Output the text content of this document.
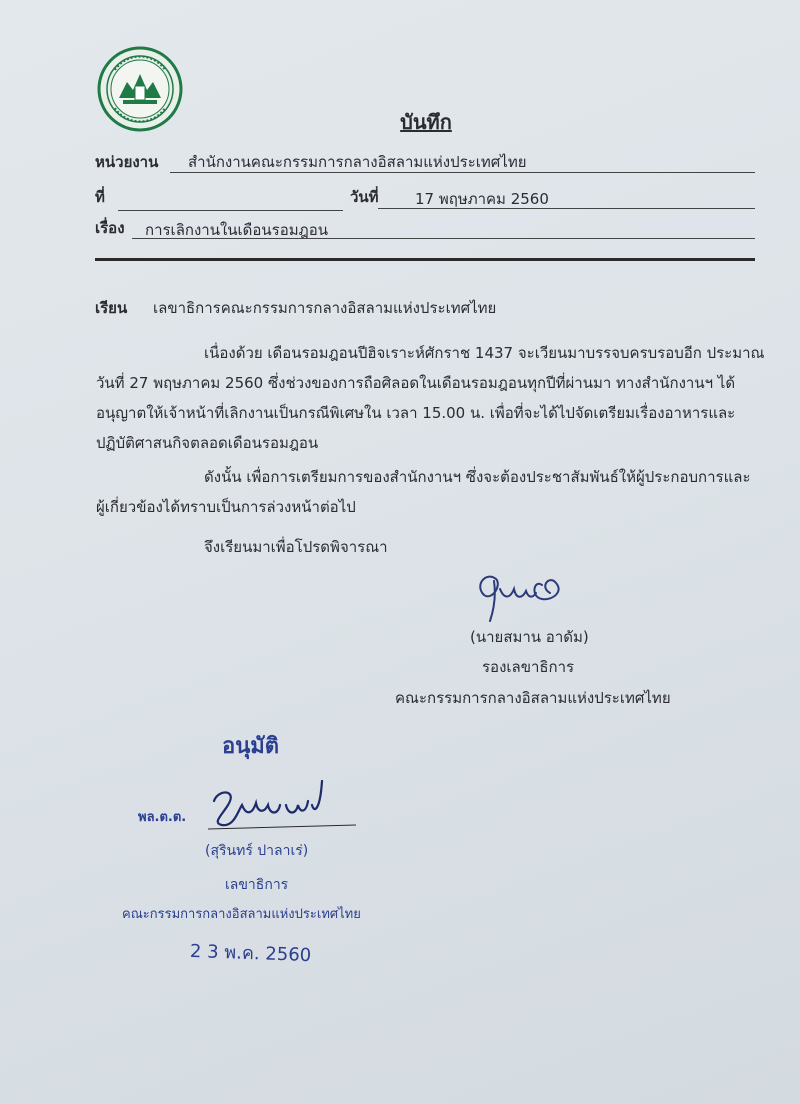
บันทึก
หน่วยงาน สำนักงานคณะกรรมการกลางอิสลามแห่งประเทศไทย
ที่	วันที่ 17 พฤษภาคม 2560
เรื่อง การเลิกงานในเดือนรอมฎอน
เรียน เลขาธิการคณะกรรมการกลางอิสลามแห่งประเทศไทย
เนื่องด้วย เดือนรอมฎอนปีฮิจเราะห์ศักราช 1437 จะเวียนมาบรรจบครบรอบอีก ประมาณ
วันที่ 27 พฤษภาคม 2560 ซึ่งช่วงของการถือศิลอดในเดือนรอมฎอนทุกปีที่ผ่านมา ทางสำนักงานฯ ได้
อนุญาตให้เจ้าหน้าที่เลิกงานเป็นกรณีพิเศษใน เวลา 15.00 น. เพื่อที่จะได้ไปจัดเตรียมเรื่องอาหารและ
ปฏิบัติศาสนกิจตลอดเดือนรอมฎอน
ดังนั้น เพื่อการเตรียมการของสำนักงานฯ ซึ่งจะต้องประชาสัมพันธ์ให้ผู้ประกอบการและ
ผู้เกี่ยวข้องได้ทราบเป็นการล่วงหน้าต่อไป
จึงเรียนมาเพื่อโปรดพิจารณา
(นายสมาน อาดัม)
รองเลขาธิการ
คณะกรรมการกลางอิสลามแห่งประเทศไทย
อนุมัติ
พล.ต.ต.
(สุรินทร์ ปาลาเร่)
เลขาธิการ
คณะกรรมการกลางอิสลามแห่งประเทศไทย
2 3 พ.ค. 2560
